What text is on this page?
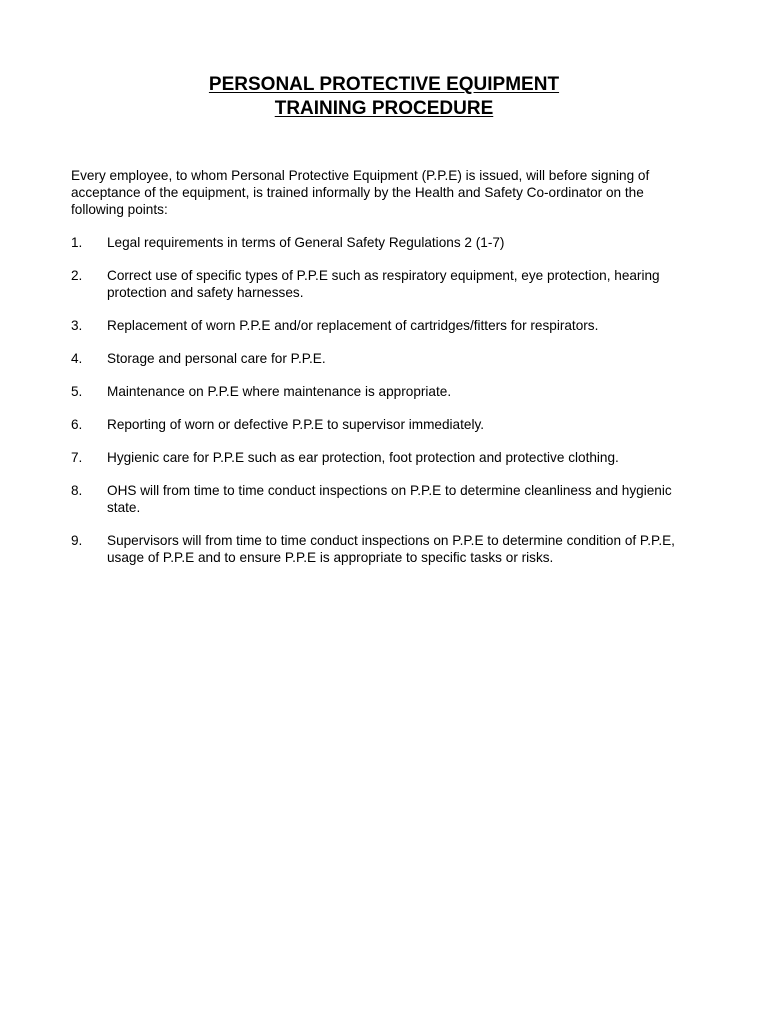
PERSONAL PROTECTIVE EQUIPMENT
TRAINING PROCEDURE

Every employee, to whom Personal Protective Equipment (P.P.E) is issued, will before signing of acceptance of the equipment, is trained informally by the Health and Safety Co-ordinator on the following points:

1. Legal requirements in terms of General Safety Regulations 2 (1-7)
2. Correct use of specific types of P.P.E such as respiratory equipment, eye protection, hearing protection and safety harnesses.
3. Replacement of worn P.P.E and/or replacement of cartridges/fitters for respirators.
4. Storage and personal care for P.P.E.
5. Maintenance on P.P.E where maintenance is appropriate.
6. Reporting of worn or defective P.P.E to supervisor immediately.
7. Hygienic care for P.P.E such as ear protection, foot protection and protective clothing.
8. OHS will from time to time conduct inspections on P.P.E to determine cleanliness and hygienic state.
9. Supervisors will from time to time conduct inspections on P.P.E to determine condition of P.P.E, usage of P.P.E and to ensure P.P.E is appropriate to specific tasks or risks.
